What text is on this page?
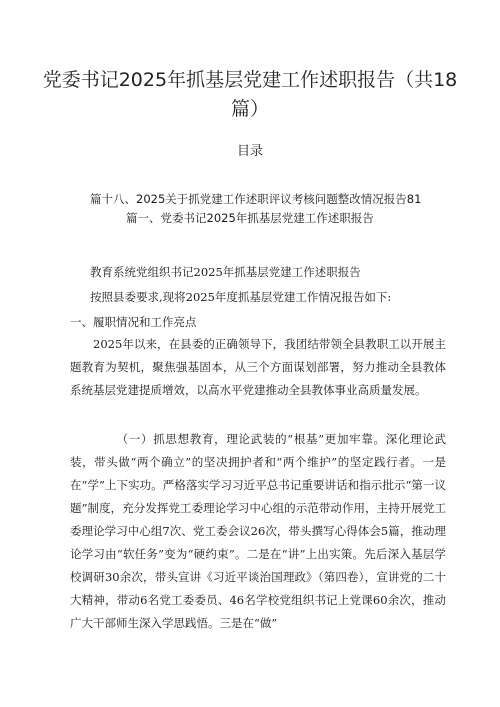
党委书记2025年抓基层党建工作述职报告（共18篇）
目录
篇十八、2025关于抓党建工作述职评议考核问题整改情况报告81
篇一、党委书记2025年抓基层党建工作述职报告
教育系统党组织书记2025年抓基层党建工作述职报告
按照县委要求,现将2025年度抓基层党建工作情况报告如下:
一、履职情况和工作亮点
2025年以来，在县委的正确领导下，我团结带领全县教职工以开展主题教育为契机，聚焦强基固本，从三个方面谋划部署，努力推动全县教体系统基层党建提质增效，以高水平党建推动全县教体事业高质量发展。
（一）抓思想教育，理论武装的“根基”更加牢靠。深化理论武装，带头做“两个确立”的坚决拥护者和“两个维护”的坚定践行者。一是在“学”上下实功。严格落实学习习近平总书记重要讲话和指示批示“第一议题”制度，充分发挥党工委理论学习中心组的示范带动作用，主持开展党工委理论学习中心组7次、党工委会议26次，带头撰写心得体会5篇，推动理论学习由“软任务”变为“硬约束”。二是在“讲”上出实策。先后深入基层学校调研30余次，带头宣讲《习近平谈治国理政》（第四卷），宣讲党的二十大精神，带动6名党工委委员、46名学校党组织书记上党课60余次，推动广大干部师生深入学思践悟。三是在“做”
